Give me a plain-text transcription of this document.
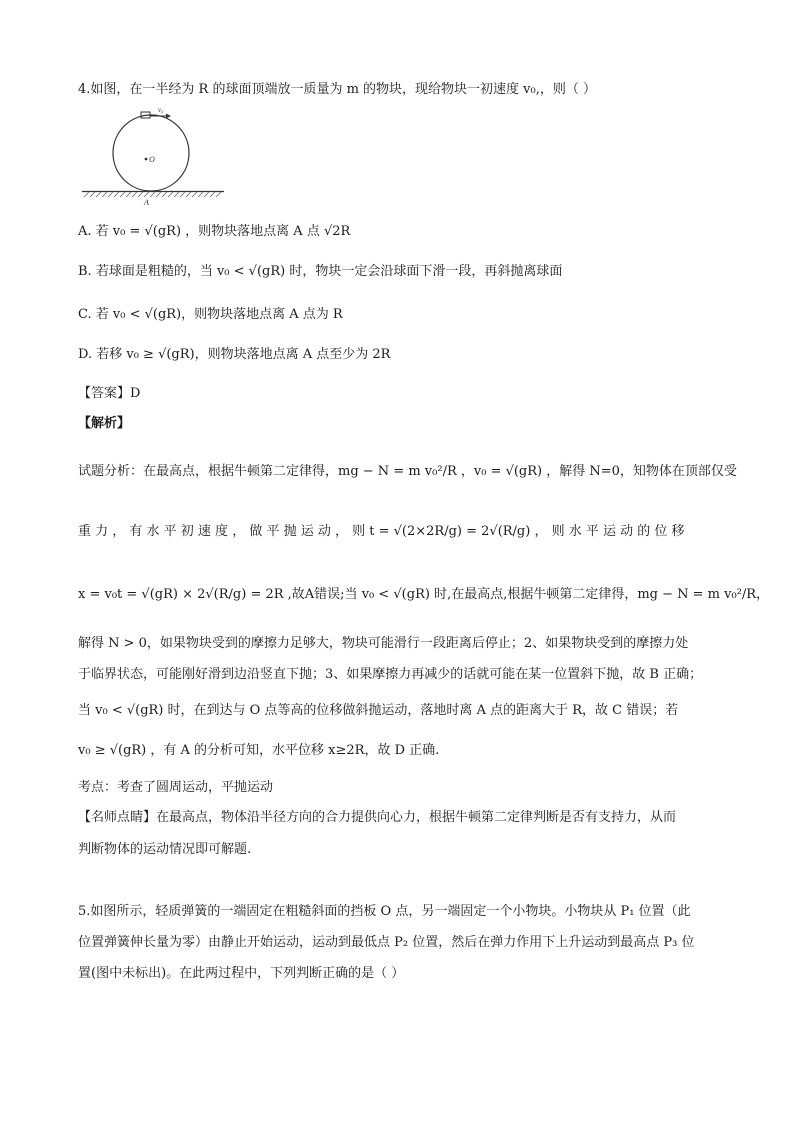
4.如图，在一半经为 R 的球面顶端放一质量为 m 的物块，现给物块一初速度 v₀,，则（ ）
v₀
O
A
A. 若 v₀ = √(gR) ，则物块落地点离 A 点 √2R
B. 若球面是粗糙的，当 v₀ < √(gR) 时，物块一定会沿球面下滑一段，再斜抛离球面
C. 若 v₀ < √(gR)，则物块落地点离 A 点为 R
D. 若移 v₀ ≥ √(gR)，则物块落地点离 A 点至少为 2R
【答案】D
【解析】
试题分析：在最高点，根据牛顿第二定律得，mg − N = m v₀²/R ，v₀ = √(gR) ，解得 N=0，知物体在顶部仅受
重 力 ， 有 水 平 初 速 度 ， 做 平 抛 运 动 ， 则 t = √(2×2R/g) = 2√(R/g) ， 则 水 平 运 动 的 位 移
x = v₀t = √(gR) × 2√(R/g) = 2R ,故A错误;当 v₀ < √(gR) 时,在最高点,根据牛顿第二定律得，mg − N = m v₀²/R，
解得 N > 0，如果物块受到的摩擦力足够大，物块可能滑行一段距离后停止；2、如果物块受到的摩擦力处
于临界状态，可能刚好滑到边沿竖直下抛；3、如果摩擦力再减少的话就可能在某一位置斜下抛，故 B 正确；
当 v₀ < √(gR) 时，在到达与 O 点等高的位移做斜抛运动，落地时离 A 点的距离大于 R，故 C 错误；若
v₀ ≥ √(gR) ，有 A 的分析可知，水平位移 x≥2R，故 D 正确.
考点：考查了圆周运动，平抛运动
【名师点睛】在最高点，物体沿半径方向的合力提供向心力，根据牛顿第二定律判断是否有支持力，从而
判断物体的运动情况即可解题.
5.如图所示，轻质弹簧的一端固定在粗糙斜面的挡板 O 点，另一端固定一个小物块。小物块从 P₁ 位置（此
位置弹簧伸长量为零）由静止开始运动，运动到最低点 P₂ 位置，然后在弹力作用下上升运动到最高点 P₃ 位
置(图中未标出)。在此两过程中，下列判断正确的是（ ）
